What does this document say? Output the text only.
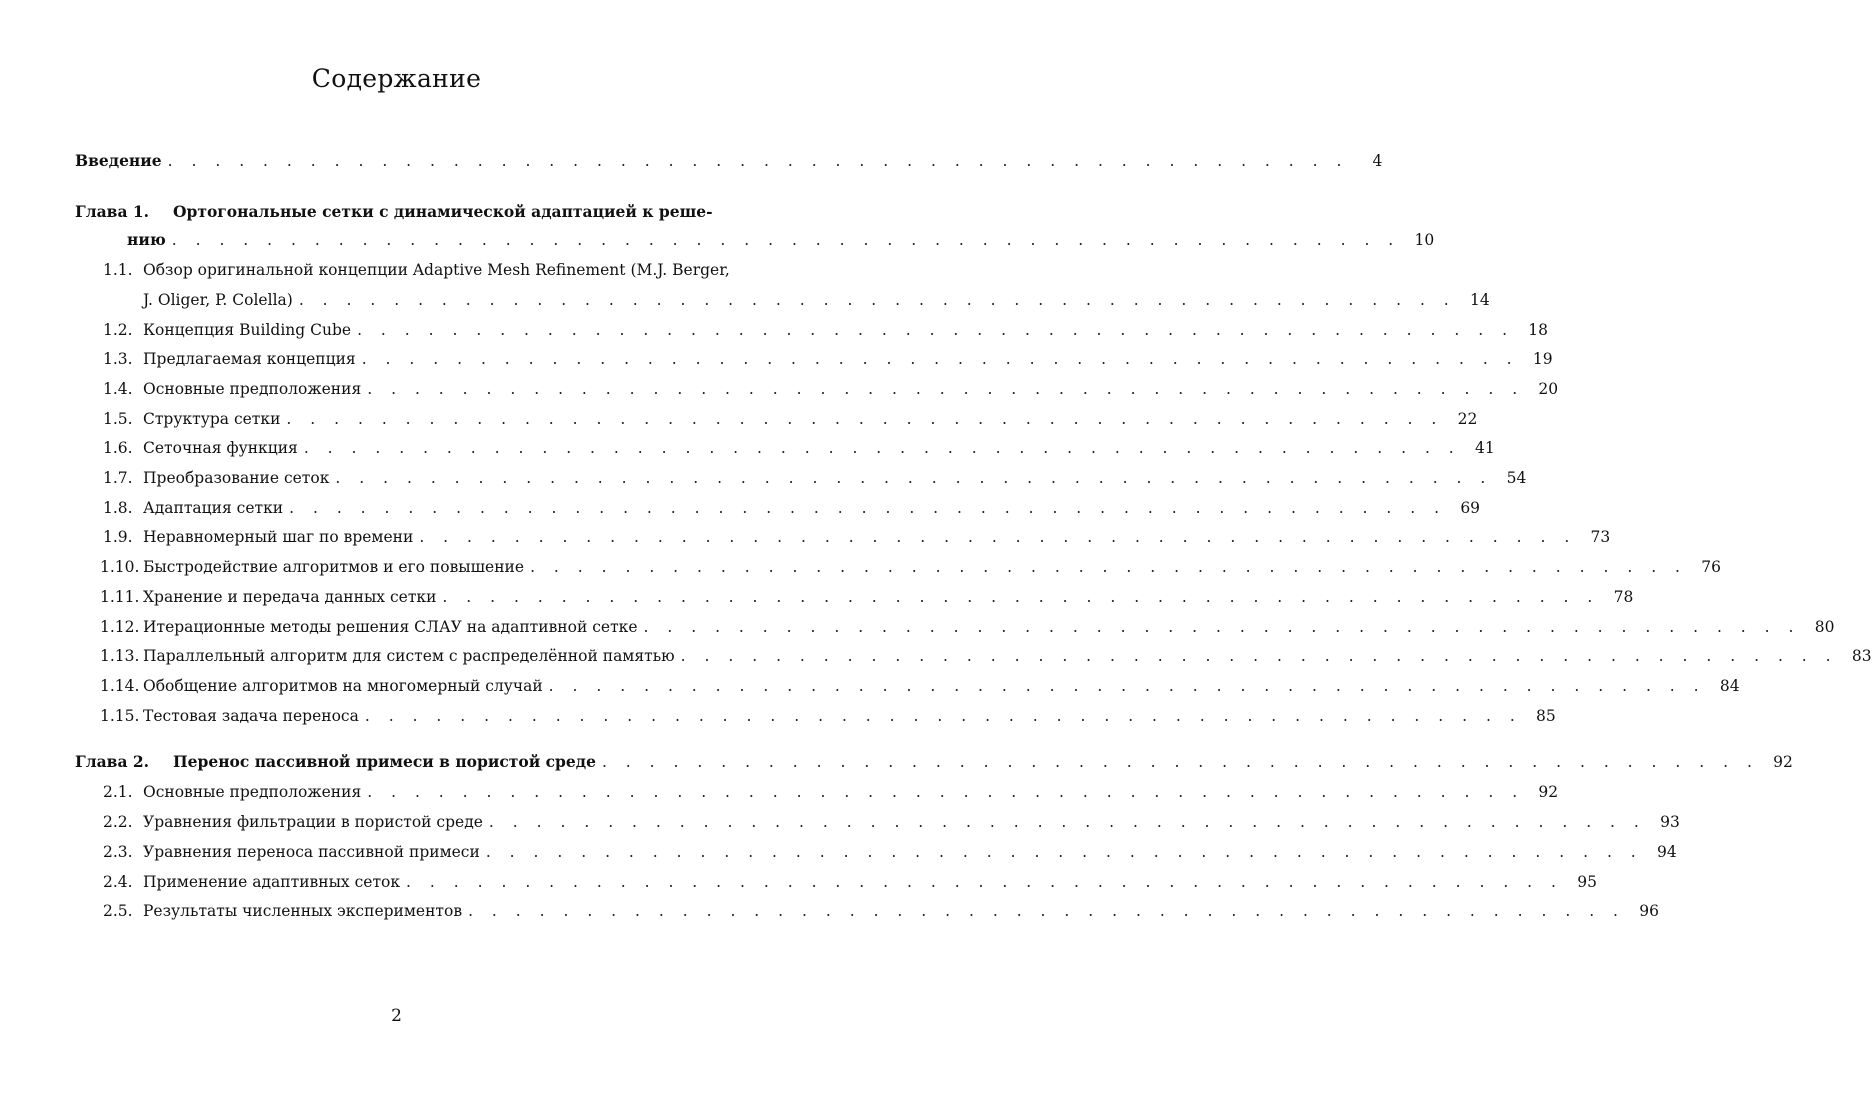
Содержание
Введение . . . . . . . . . . . . . . . . . . . . . . . . . . . . . . . . . . . . . . . . . . . . . . . . . .	4
Глава 1. Ортогональные сетки с динамической адаптацией к реше-
нию . . . . . . . . . . . . . . . . . . . . . . . . . . . . . . . . . . . . . . . . . . . . . . . . . . . . 10
1.1. Обзор оригинальной концепции Adaptive Mesh Refinement (M.J. Berger,
J. Oliger, P. Colella) . . . . . . . . . . . . . . . . . . . . . . . . . . . . . . . . . . . . . . . . . . . . . . . . . 14
1.2. Концепция Building Cube . . . . . . . . . . . . . . . . . . . . . . . . . . . . . . . . . . . . . . . . . . . . . . . . . 18
1.3. Предлагаемая концепция . . . . . . . . . . . . . . . . . . . . . . . . . . . . . . . . . . . . . . . . . . . . . . . . . 19
1.4. Основные предположения . . . . . . . . . . . . . . . . . . . . . . . . . . . . . . . . . . . . . . . . . . . . . . . . . 20
1.5. Структура сетки . . . . . . . . . . . . . . . . . . . . . . . . . . . . . . . . . . . . . . . . . . . . . . . . . 22
1.6. Сеточная функция . . . . . . . . . . . . . . . . . . . . . . . . . . . . . . . . . . . . . . . . . . . . . . . . . 41
1.7. Преобразование сеток . . . . . . . . . . . . . . . . . . . . . . . . . . . . . . . . . . . . . . . . . . . . . . . . . 54
1.8. Адаптация сетки . . . . . . . . . . . . . . . . . . . . . . . . . . . . . . . . . . . . . . . . . . . . . . . . . 69
1.9. Неравномерный шаг по времени . . . . . . . . . . . . . . . . . . . . . . . . . . . . . . . . . . . . . . . . . . . . . . . . . 73
1.10. Быстродействие алгоритмов и его повышение . . . . . . . . . . . . . . . . . . . . . . . . . . . . . . . . . . . . . . . . . . . . . . . . . 76
1.11. Хранение и передача данных сетки . . . . . . . . . . . . . . . . . . . . . . . . . . . . . . . . . . . . . . . . . . . . . . . . . 78
1.12. Итерационные методы решения СЛАУ на адаптивной сетке . . . . . . . . . . . . . . . . . . . . . . . . . . . . . . . . . . . . . . . . . . . . . . . . . 80
1.13. Параллельный алгоритм для систем с распределённой памятью . . . . . . . . . . . . . . . . . . . . . . . . . . . . . . . . . . . . . . . . . . . . . . . . . 83
1.14. Обобщение алгоритмов на многомерный случай . . . . . . . . . . . . . . . . . . . . . . . . . . . . . . . . . . . . . . . . . . . . . . . . . 84
1.15. Тестовая задача переноса . . . . . . . . . . . . . . . . . . . . . . . . . . . . . . . . . . . . . . . . . . . . . . . . . 85
Глава 2. Перенос пассивной примеси в пористой среде . . . . . . . . . . . . . . . . . . . . . . . . . . . . . . . . . . . . . . . . . . . . . . . . . 92
2.1. Основные предположения . . . . . . . . . . . . . . . . . . . . . . . . . . . . . . . . . . . . . . . . . . . . . . . . . 92
2.2. Уравнения фильтрации в пористой среде . . . . . . . . . . . . . . . . . . . . . . . . . . . . . . . . . . . . . . . . . . . . . . . . . 93
2.3. Уравнения переноса пассивной примеси . . . . . . . . . . . . . . . . . . . . . . . . . . . . . . . . . . . . . . . . . . . . . . . . . 94
2.4. Применение адаптивных сеток . . . . . . . . . . . . . . . . . . . . . . . . . . . . . . . . . . . . . . . . . . . . . . . . . 95
2.5. Результаты численных экспериментов . . . . . . . . . . . . . . . . . . . . . . . . . . . . . . . . . . . . . . . . . . . . . . . . . 96
2
